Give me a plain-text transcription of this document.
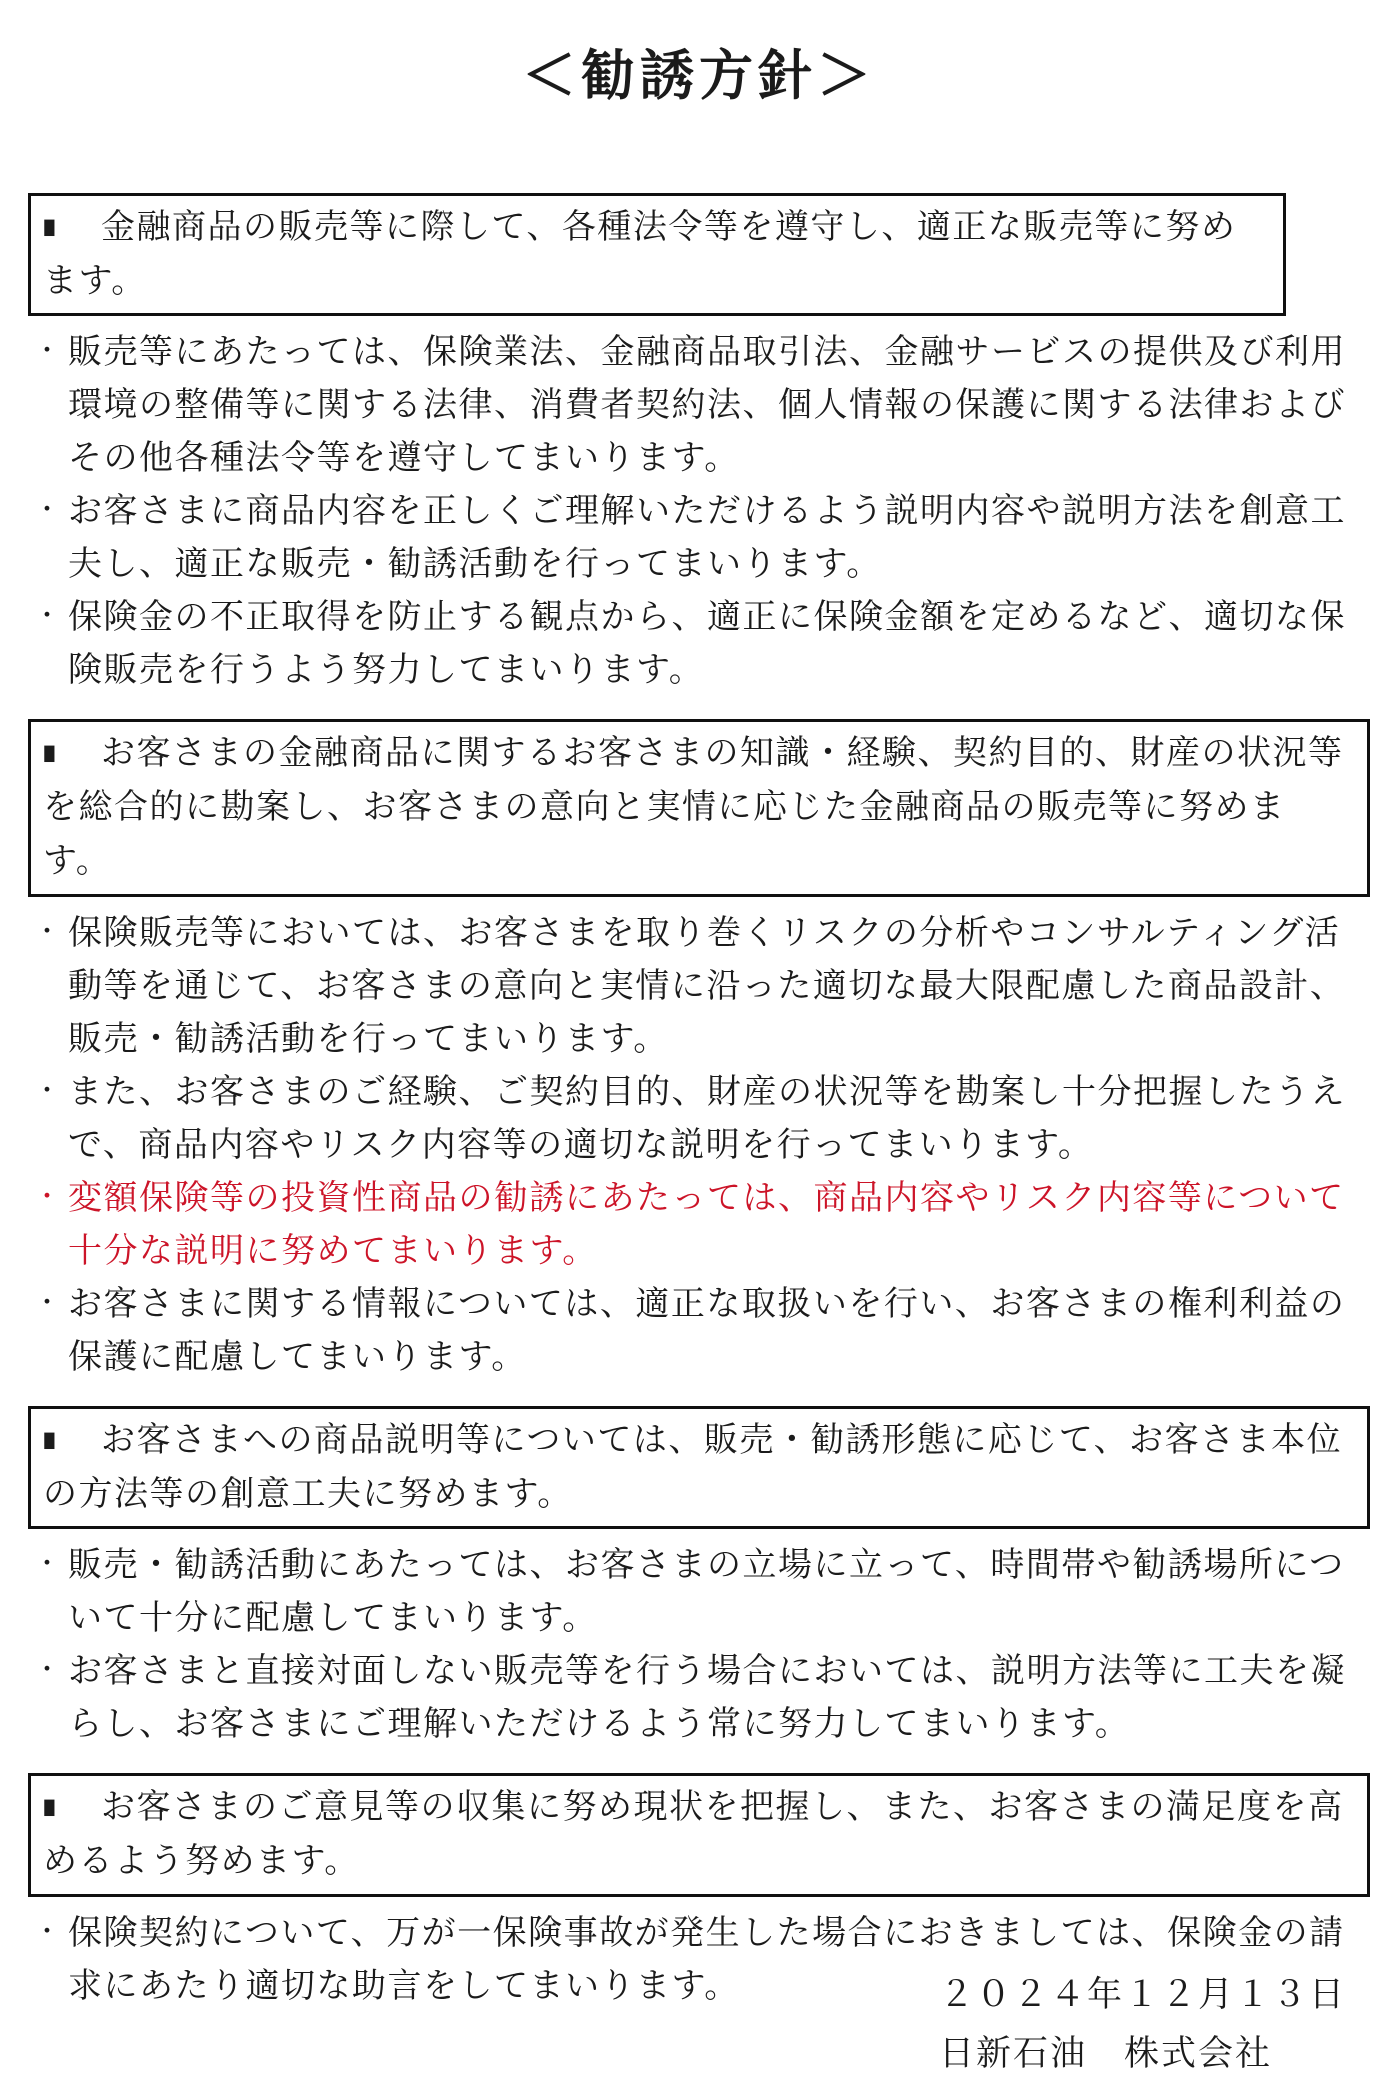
＜勧誘方針＞
■ 金融商品の販売等に際して、各種法令等を遵守し、適正な販売等に努めます。
・ 販売等にあたっては、保険業法、金融商品取引法、金融サービスの提供及び利用環境の整備等に関する法律、消費者契約法、個人情報の保護に関する法律およびその他各種法令等を遵守してまいります。
・ お客さまに商品内容を正しくご理解いただけるよう説明内容や説明方法を創意工夫し、適正な販売・勧誘活動を行ってまいります。
・ 保険金の不正取得を防止する観点から、適正に保険金額を定めるなど、適切な保険販売を行うよう努力してまいります。
■ お客さまの金融商品に関するお客さまの知識・経験、契約目的、財産の状況等を総合的に勘案し、お客さまの意向と実情に応じた金融商品の販売等に努めます。
・ 保険販売等においては、お客さまを取り巻くリスクの分析やコンサルティング活動等を通じて、お客さまの意向と実情に沿った適切な最大限配慮した商品設計、販売・勧誘活動を行ってまいります。
・ また、お客さまのご経験、ご契約目的、財産の状況等を勘案し十分把握したうえで、商品内容やリスク内容等の適切な説明を行ってまいります。
・ 変額保険等の投資性商品の勧誘にあたっては、商品内容やリスク内容等について十分な説明に努めてまいります。
・ お客さまに関する情報については、適正な取扱いを行い、お客さまの権利利益の保護に配慮してまいります。
■ お客さまへの商品説明等については、販売・勧誘形態に応じて、お客さま本位の方法等の創意工夫に努めます。
・ 販売・勧誘活動にあたっては、お客さまの立場に立って、時間帯や勧誘場所について十分に配慮してまいります。
・ お客さまと直接対面しない販売等を行う場合においては、説明方法等に工夫を凝らし、お客さまにご理解いただけるよう常に努力してまいります。
■ お客さまのご意見等の収集に努め現状を把握し、また、お客さまの満足度を高めるよう努めます。
・ 保険契約について、万が一保険事故が発生した場合におきましては、保険金の請求にあたり適切な助言をしてまいります。	２０２４年１２月１３日
日新石油　株式会社
